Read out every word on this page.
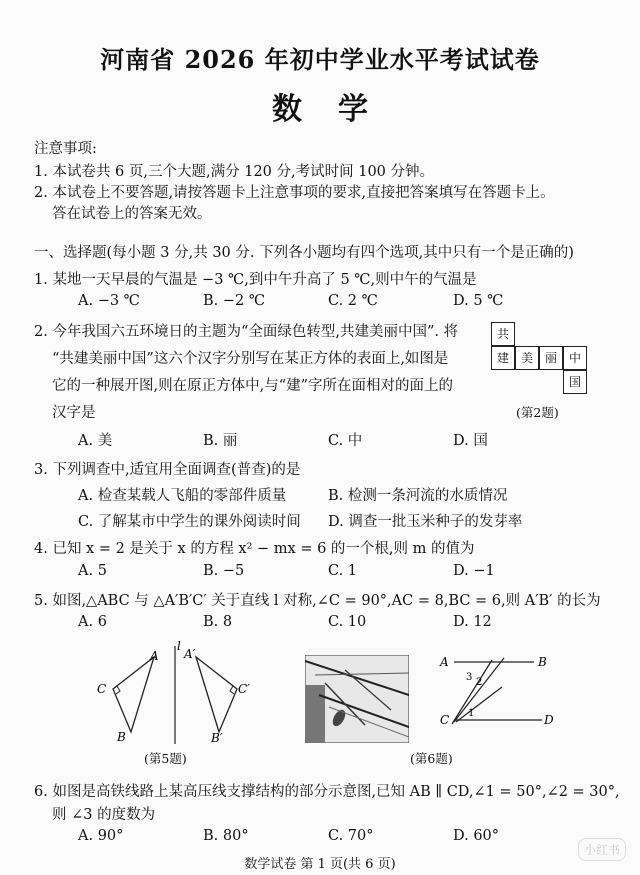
河南省 2026 年初中学业水平考试试卷
数学
注意事项:
1. 本试卷共 6 页,三个大题,满分 120 分,考试时间 100 分钟。
2. 本试卷上不要答题,请按答题卡上注意事项的要求,直接把答案填写在答题卡上。
答在试卷上的答案无效。
一、选择题(每小题 3 分,共 30 分. 下列各小题均有四个选项,其中只有一个是正确的)
1. 某地一天早晨的气温是 −3 ℃,到中午升高了 5 ℃,则中午的气温是
A. −3 ℃	B. −2 ℃	C. 2 ℃	D. 5 ℃
2. 今年我国六五环境日的主题为“全面绿色转型,共建美丽中国”. 将
“共建美丽中国”这六个汉字分别写在某正方体的表面上,如图是
它的一种展开图,则在原正方体中,与“建”字所在面相对的面上的
汉字是
共
建 美 丽 中
国
(第2题)
A. 美	B. 丽	C. 中	D. 国
3. 下列调查中,适宜用全面调查(普查)的是
A. 检查某载人飞船的零部件质量	B. 检测一条河流的水质情况
C. 了解某市中学生的课外阅读时间 D. 调查一批玉米种子的发芽率
4. 已知 x = 2 是关于 x 的方程 x² − mx = 6 的一个根,则 m 的值为
A. 5	B. −5	C. 1	D. −1
5. 如图,△ABC 与 △A′B′C′ 关于直线 l 对称,∠C = 90°,AC = 8,BC = 6,则 A′B′ 的长为
A. 6	B. 8	C. 10	D. 12
l
A
C
B
A′
C′
B′
(第5题)
A	B
C	D
3 2
1
(第6题)
6. 如图是高铁线路上某高压线支撑结构的部分示意图,已知 AB ∥ CD,∠1 = 50°,∠2 = 30°,
则 ∠3 的度数为
A. 90°	B. 80°	C. 70°	D. 60°
数学试卷 第 1 页(共 6 页)
小红书
